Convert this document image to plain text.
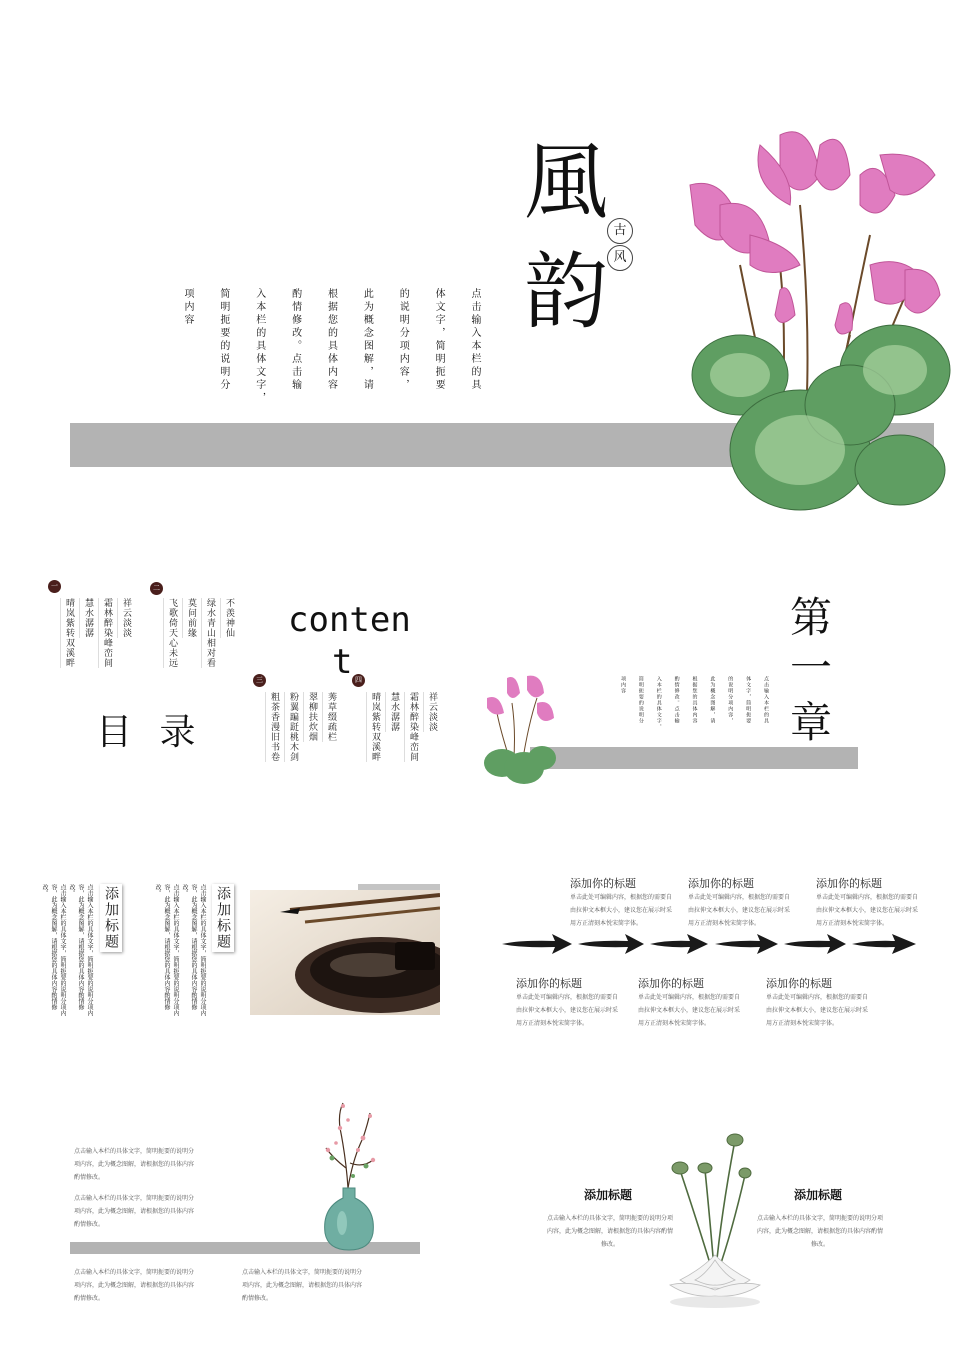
風
韵
古
风
点击输入本栏的具
体文字，简明扼要
的说明分项内容，
此为概念图解，请
根据您的具体内容
酌情修改。点击输
入本栏的具体文字，
简明扼要的说明分
项内容
conten
t
目 录
一
祥云淡淡
霜林醉染峰峦间
慧水潺潺
晴岚紫转双溪畔
二
不羡神仙
绿水青山相对看
莫问前缘
飞歌倚天心未远
三
莠草缀疏栏
翠柳扶炊烟
粉翼蹁跹桃木剑
粗茶香漫旧书卷
四
祥云淡淡
霜林醉染峰峦间
慧水潺潺
晴岚紫转双溪畔
第
一
章
点击输入本栏的具
体文字，简明扼要
的说明分项内容，
此为概念图解，请
根据您的具体内容
酌情修改。点击输
入本栏的具体文字，
简明扼要的说明分
项内容
添加标题
点击输入本栏的具体文字，简明扼要的说明分项内
容，此为概念图解，请根据您的具体内容酌情修改。
点击输入本栏的具体文字，简明扼要的说明分项内
容，此为概念图解，请根据您的具体内容酌情修改。	添加标题
点击输入本栏的具体文字，简明扼要的说明分项内
容，此为概念图解，请根据您的具体内容酌情修改。
点击输入本栏的具体文字，简明扼要的说明分项内
容，此为概念图解，请根据您的具体内容酌情修改。	添加你的标题
单击此处可编辑内容，根据您的需要自
由拉伸文本框大小，建议您在展示时采
用方正清刻本悦宋简字体。
添加你的标题
单击此处可编辑内容，根据您的需要自
由拉伸文本框大小，建议您在展示时采
用方正清刻本悦宋简字体。
添加你的标题
单击此处可编辑内容，根据您的需要自
由拉伸文本框大小，建议您在展示时采
用方正清刻本悦宋简字体。
添加你的标题
单击此处可编辑内容，根据您的需要自
由拉伸文本框大小，建议您在展示时采
用方正清刻本悦宋简字体。
添加你的标题
单击此处可编辑内容，根据您的需要自
由拉伸文本框大小，建议您在展示时采
用方正清刻本悦宋简字体。
添加你的标题
单击此处可编辑内容，根据您的需要自
由拉伸文本框大小，建议您在展示时采
用方正清刻本悦宋简字体。
点击输入本栏的具体文字，简明扼要的说明分
项内容，此为概念图解，请根据您的具体内容
酌情修改。
点击输入本栏的具体文字，简明扼要的说明分
项内容，此为概念图解，请根据您的具体内容
酌情修改。
点击输入本栏的具体文字，简明扼要的说明分
项内容，此为概念图解，请根据您的具体内容
酌情修改。
点击输入本栏的具体文字，简明扼要的说明分
项内容，此为概念图解，请根据您的具体内容
酌情修改。
添加标题
点击输入本栏的具体文字，简明扼要的说明分项
内容，此为概念图解，请根据您的具体内容酌情
修改。
添加标题
点击输入本栏的具体文字，简明扼要的说明分项
内容，此为概念图解，请根据您的具体内容酌情
修改。
